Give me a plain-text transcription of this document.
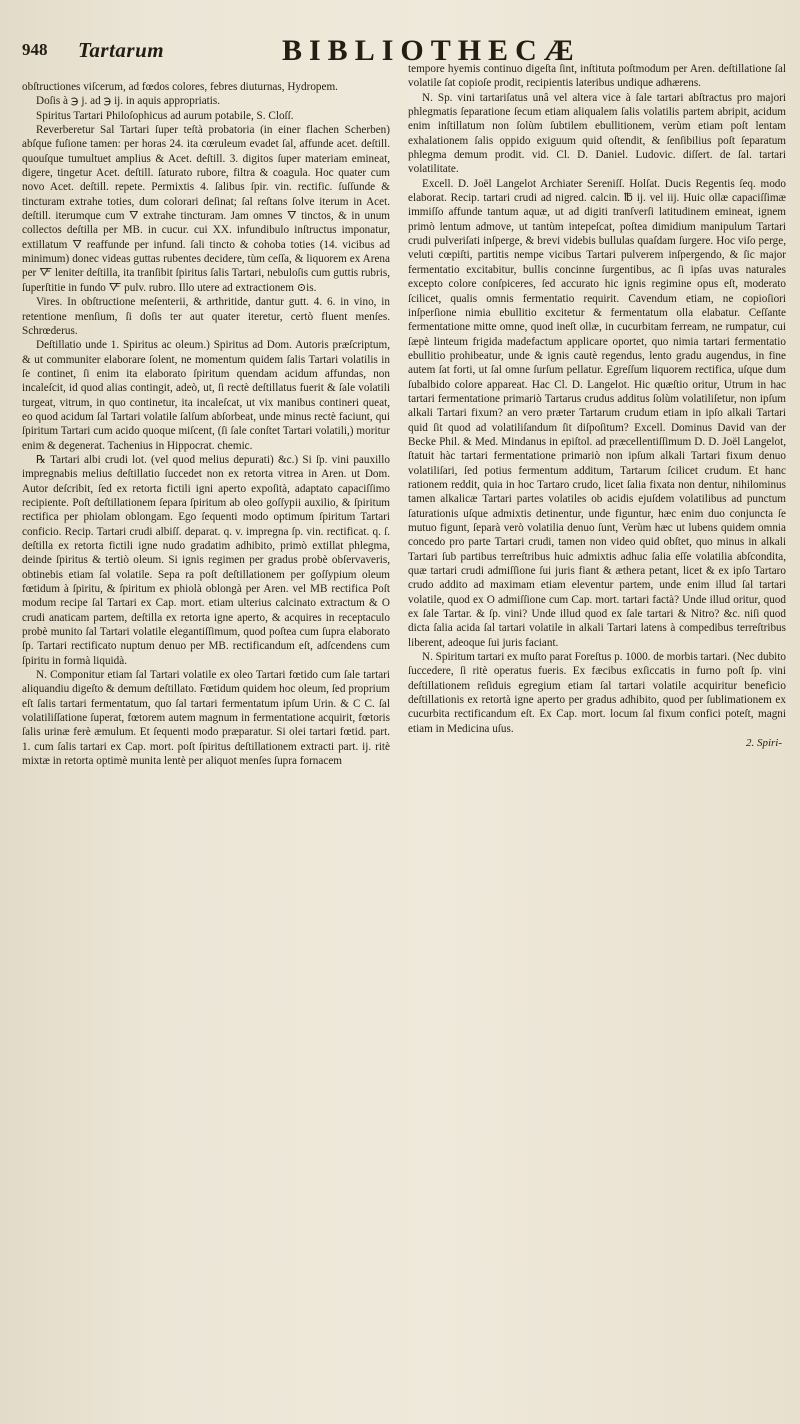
948 Tartarum	BIBLIOTHECÆ

obſtructiones viſcerum, ad fœdos colores, febres diuturnas, Hydropem.

Doſis à ℈ j. ad ℈ ij. in aquis appropriatis.

Spiritus Tartari Philoſophicus ad aurum potabile, S. Cloſſ.

Reverberetur Sal Tartari ſuper teſtà probatoria (in einer flachen Scherben) abſque fuſione tamen: per horas 24. ita cœruleum evadet ſal, affunde acet. deſtill. quouſque tumultuet amplius & Acet. deſtill. 3. digitos ſuper materiam emineat, digere, tingetur Acet. deſtill. ſaturato rubore, filtra & coagula. Hoc quater cum novo Acet. deſtill. repete. Permixtis 4. ſalibus ſpir. vin. rectific. ſuſſunde & tincturam extrahe toties, dum colorari deſinat; ſal reſtans ſolve iterum in Acet. deſtill. iterumque cum 🜄 extrahe tincturam. Jam omnes 🜄 tinctos, & in unum collectos deſtilla per MB. in cucur. cui XX. infundibulo inſtructus imponatur, extillatum 🜄 reaffunde per infund. ſali tincto & cohoba toties (14. vicibus ad minimum) donec videas guttas rubentes decidere, tùm ceſſa, & liquorem ex Arena per 🜅 leniter deſtilla, ita tranſibit ſpiritus ſalis Tartari, nebuloſis cum guttis rubris, ſuperſtitie in fundo 🜅 pulv. rubro. Illo utere ad extractionem ⊙is.

Vires. In obſtructione meſenterii, & arthritide, dantur gutt. 4. 6. in vino, in retentione menſium, ſi doſis ter aut quater iteretur, certò fluent menſes. Schrœderus.

Deſtillatio unde 1. Spiritus ac oleum.) Spiritus ad Dom. Autoris præſcriptum, & ut communiter elaborare ſolent, ne momentum quidem ſalis Tartari volatilis in ſe continet, ſi enim ita elaborato ſpiritum quendam acidum affundas, non incaleſcit, id quod alias contingit, adeò, ut, ſi rectè deſtillatus fuerit & ſale volatili turgeat, vitrum, in quo continetur, ita incaleſcat, ut vix manibus contineri queat, eo quod acidum ſal Tartari volatile ſalſum abſorbeat, unde minus rectè faciunt, qui ſpiritum Tartari cum acido quoque miſcent, (ſi ſale conſtet Tartari volatili,) moritur enim & degenerat. Tachenius in Hippocrat. chemic.

℞ Tartari albi crudi lot. (vel quod melius depurati) &c.) Si ſp. vini pauxillo impregnabis melius deſtillatio ſuccedet non ex retorta vitrea in Aren. ut Dom. Autor deſcribit, ſed ex retorta fictili igni aperto expoſità, adaptato capaciſſimo recipiente. Poſt deſtillationem ſepara ſpiritum ab oleo goſſypii auxilio, & ſpiritum rectifica per phiolam oblongam. Ego ſequenti modo optimum ſpiritum Tartari conficio. Recip. Tartari crudi albiſſ. deparat. q. v. impregna ſp. vin. rectificat. q. ſ. deſtilla ex retorta fictili igne nudo gradatim adhibito, primò extillat phlegma, deinde ſpiritus & tertiò oleum. Si ignis regimen per gradus probè obſervaveris, obtinebis etiam ſal volatile. Sepa ra poſt deſtillationem per goſſypium oleum fœtidum à ſpiritu, & ſpiritum ex phiolà oblongà per Aren. vel MB rectifica Poſt modum recipe ſal Tartari ex Cap. mort. etiam ulterius calcinato extractum & O crudi anaticam partem, deſtilla ex retorta igne aperto, & acquires in receptaculo probè munito ſal Tartari volatile elegantiſſimum, quod poſtea cum ſupra elaborato ſp. Tartari rectificato nuptum denuo per MB. rectificandum eſt, adſcendens cum ſpiritu in formà liquidà.

N. Componitur etiam ſal Tartari volatile ex oleo Tartari fœtido cum ſale tartari aliquandiu digeſto & demum deſtillato. Fœtidum quidem hoc oleum, ſed proprium eſt ſalis tartari fermentatum, quo ſal tartari fermentatum ipſum Urin. & C C. ſal volatiliſſatione ſuperat, fœtorem autem magnum in fermentatione acquirit, fœtoris ſalis urinæ ferè æmulum. Et ſequenti modo præparatur. Si olei tartari fœtid. part. 1. cum ſalis tartari ex Cap. mort. poſt ſpiritus deſtillationem extracti part. ij. ritè mixtæ in retorta optimè munita lentè per aliquot menſes ſupra fornacem

tempore hyemis continuo digeſta ſint, inſtituta poſtmodum per Aren. deſtillatione ſal volatile ſat copioſe prodit, recipientis lateribus undique adhærens.

N. Sp. vini tartariſatus unâ vel altera vice à ſale tartari abſtractus pro majori phlegmatis ſeparatione ſecum etiam aliqualem ſalis volatilis partem abripit, acidum enim inſtillatum non ſolùm ſubtilem ebullitionem, verùm etiam poſt lentam exhalationem ſalis oppido exiguum quid oſtendit, & ſenſibilius poſt ſeparatum phlegma demum prodit. vid. Cl. D. Daniel. Ludovic. diſſert. de ſal. tartari volatilitate.

Excell. D. Joël Langelot Archiater Sereniſſ. Holſat. Ducis Regentis ſeq. modo elaborat. Recip. tartari crudi ad nigred. calcin. ℔ ij. vel iij. Huic ollæ capaciſſimæ immiſſo affunde tantum aquæ, ut ad digiti tranſverſi latitudinem emineat, ignem primò lentum admove, ut tantùm intepeſcat, poſtea dimidium manipulum Tartari crudi pulveriſati inſperge, & brevi videbis bullulas quaſdam ſurgere. Hoc viſo perge, veluti cœpiſti, partitis nempe vicibus Tartari pulverem inſpergendo, & ſic major fermentatio excitabitur, bullis concinne ſurgentibus, ac ſi ipſas uvas naturales excepto colore conſpiceres, ſed accurato hic ignis regimine opus eſt, moderato ſcilicet, qualis omnis fermentatio requirit. Cavendum etiam, ne copioſiori inſperſione nimia ebullitio excitetur & fermentatum olla elabatur. Ceſſante fermentatione mitte omne, quod ineſt ollæ, in cucurbitam ferream, ne rumpatur, cui ſæpè linteum frigida madefactum applicare oportet, quo nimia tartari fermentatio ebullitio prohibeatur, unde & ignis cautè regendus, lento gradu augendus, in fine autem ſat forti, ut ſal omne ſurſum pellatur. Egreſſum liquorem rectifica, uſque dum ſubalbido colore appareat. Hac Cl. D. Langelot. Hic quæſtio oritur, Utrum in hac tartari fermentatione primariò Tartarus crudus additus ſolùm volatiliſetur, non ipſum alkali Tartari fixum? an vero præter Tartarum crudum etiam in ipſo alkali Tartari quid ſit quod ad volatiliſandum ſit diſpoſitum? Excell. Dominus David van der Becke Phil. & Med. Mindanus in epiſtol. ad præcellentiſſimum D. D. Joël Langelot, ſtatuit hàc tartari fermentatione primariò non ipſum alkali Tartari fixum denuo volatiliſari, ſed potius fermentum additum, Tartarum ſcilicet crudum. Et hanc rationem reddit, quia in hoc Tartaro crudo, licet ſalia fixata non dentur, nihilominus tamen alkalicæ Tartari partes volatiles ob acidis ejuſdem volatilibus ad punctum ſaturationis uſque admixtis detinentur, unde figuntur, hæc enim duo conjuncta ſe mutuo figunt, ſeparà verò volatilia denuo ſunt, Verùm hæc ut lubens quidem omnia concedo pro parte Tartari crudi, tamen non video quid obſtet, quo minus in alkali Tartari ſub partibus terreſtribus huic admixtis adhuc ſalia eſſe volatilia abſcondita, quæ tartari crudi admiſſione ſui juris fiant & æthera petant, licet & ex ipſo Tartaro crudo addito ad maximam etiam eleventur partem, unde enim illud ſal tartari volatile, quod ex O admiſſione cum Cap. mort. tartari factà? Unde illud oritur, quod ex ſale Tartar. & ſp. vini? Unde illud quod ex ſale tartari & Nitro? &c. niſi quod dicta ſalia acida ſal tartari volatile in alkali Tartari latens à compedibus terreſtribus liberent, adeoque ſui juris faciant.

N. Spiritum tartari ex muſto parat Foreſtus p. 1000. de morbis tartari. (Nec dubito ſuccedere, ſi ritè operatus fueris. Ex fæcibus exſiccatis in furno poſt ſp. vini deſtillationem reſiduis egregium etiam ſal tartari volatile acquiritur beneficio deſtillationis ex retortà igne aperto per gradus adhibito, quod per ſublimationem ex cucurbita rectificandum eſt. Ex Cap. mort. locum ſal fixum confici poteſt, magni etiam in Medicina uſus.

2. Spiri-
